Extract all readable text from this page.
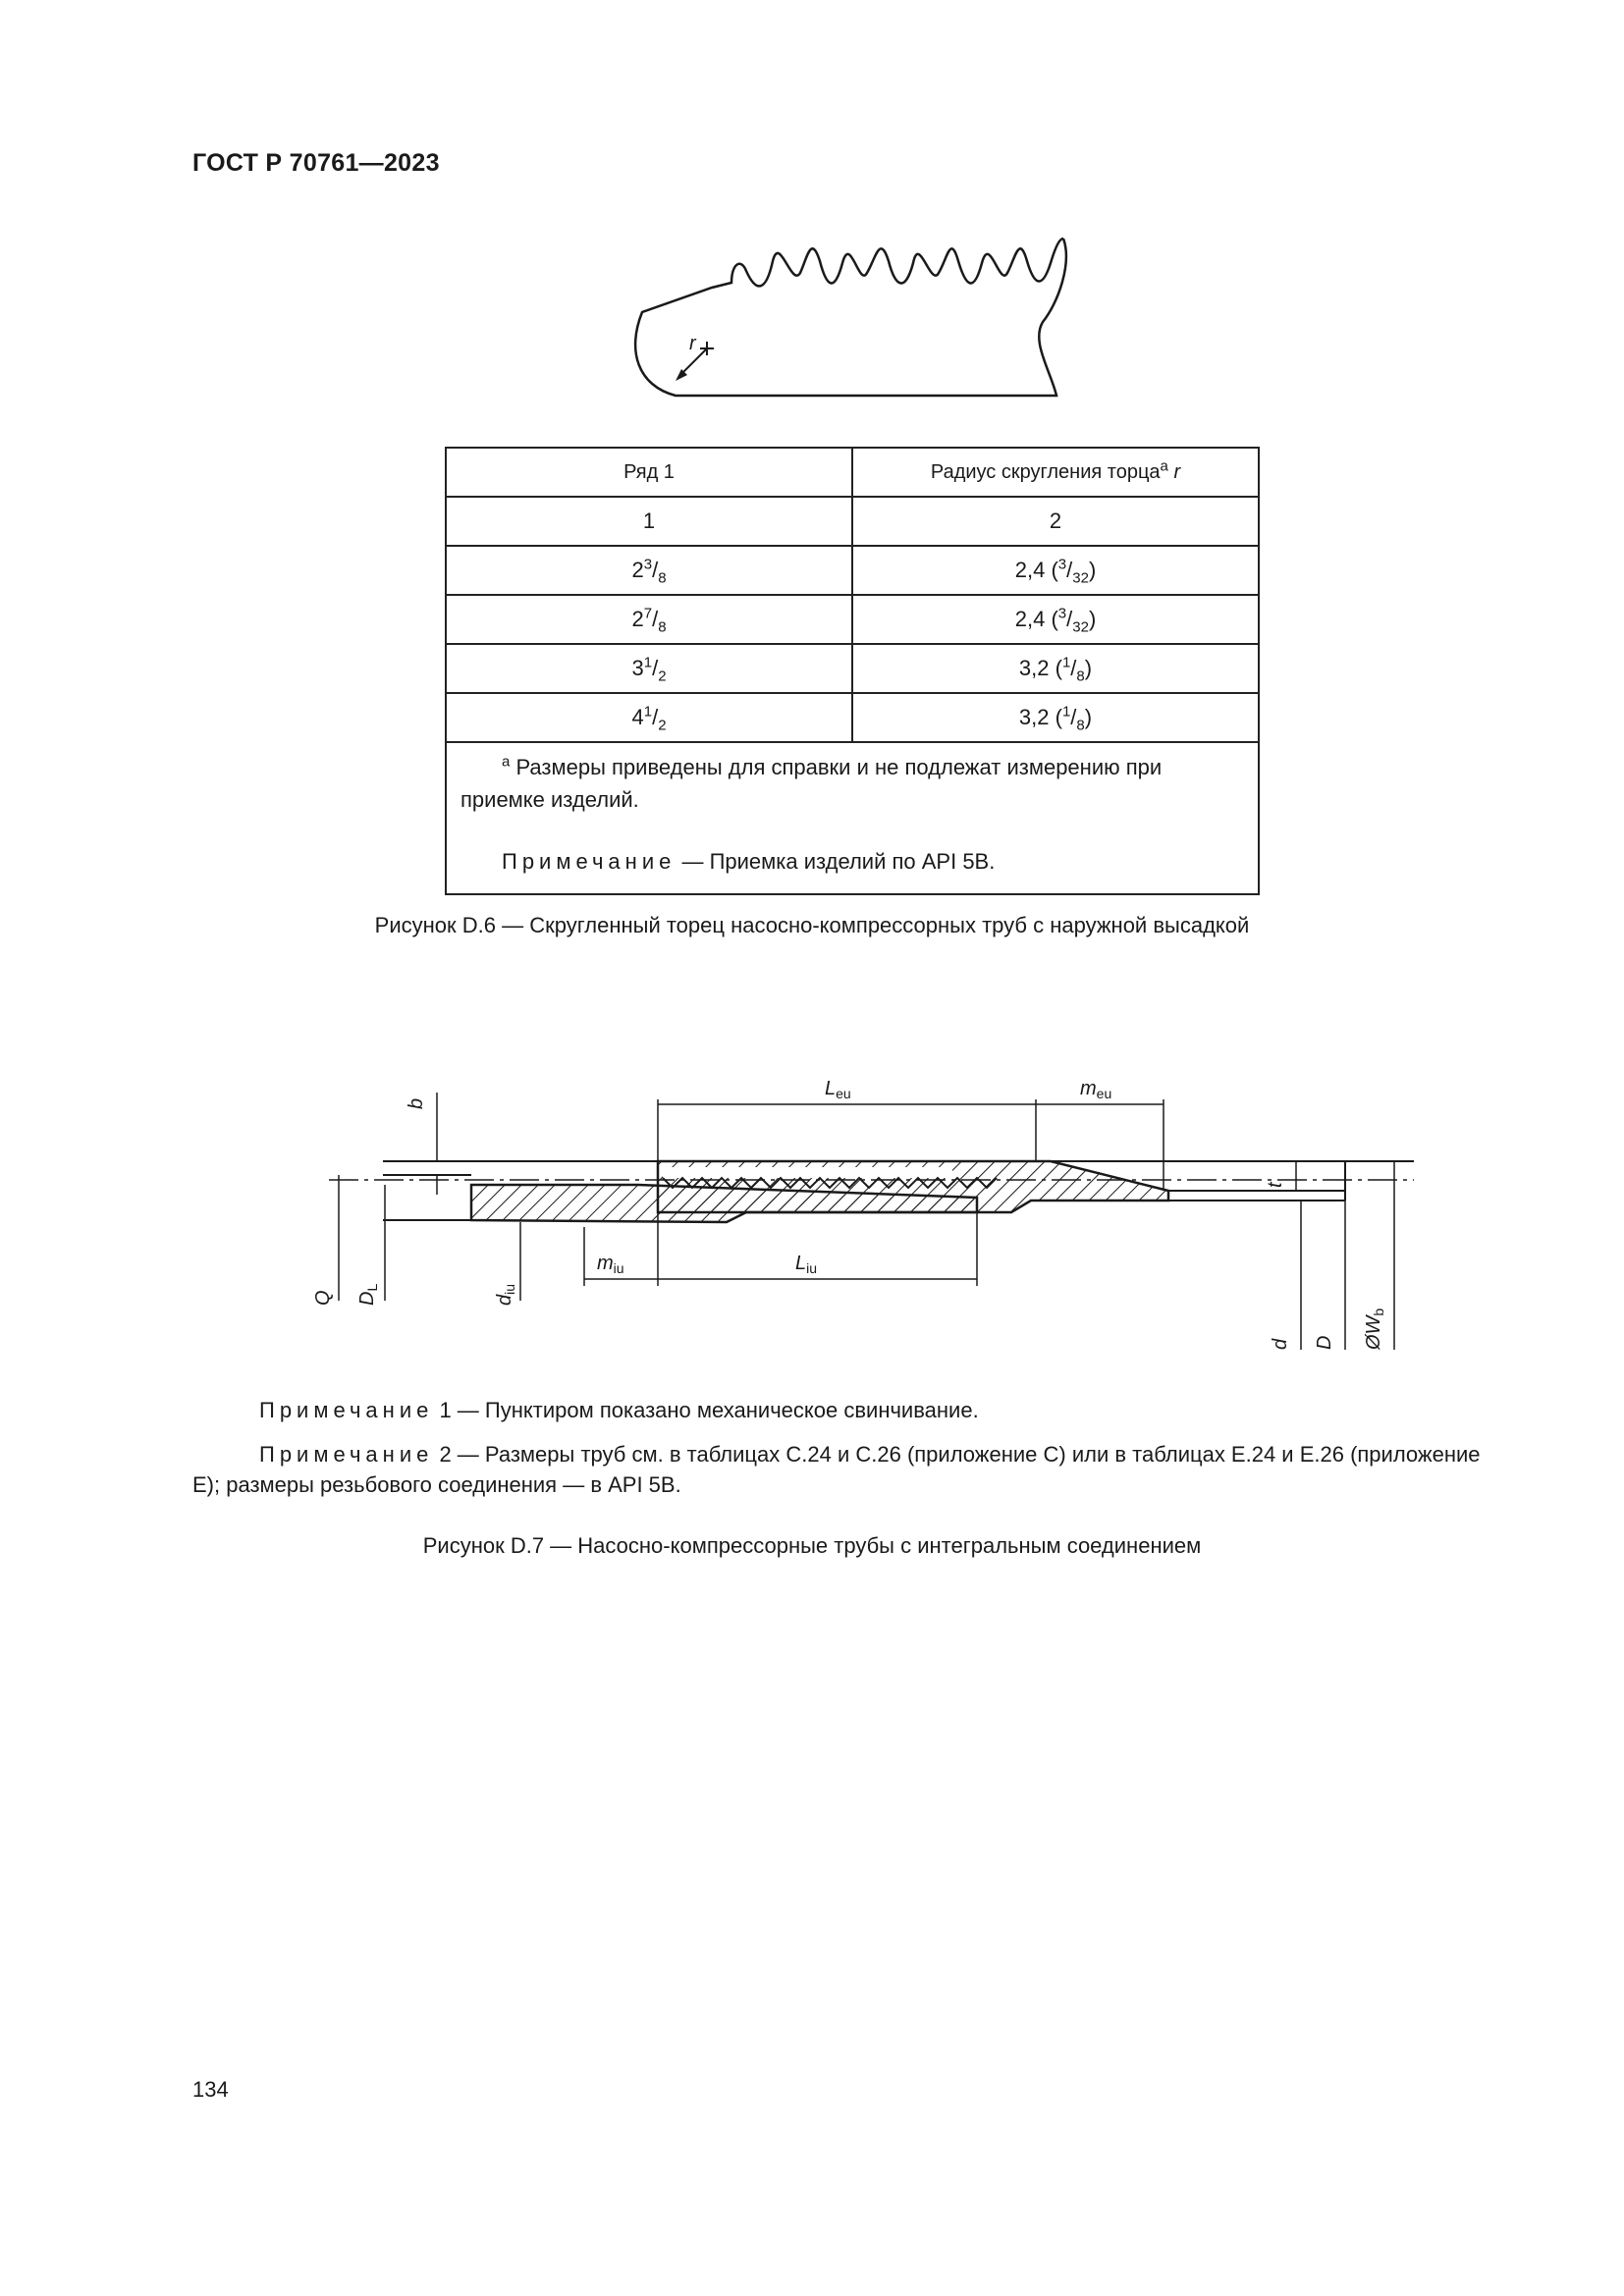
ГОСТ Р 70761—2023
r
Ряд 1	Радиус скругления торца$^a$ r
1	2
$2^3/_8$	2,4 $(^3/_{32})$
$2^7/_8$	2,4 $(^3/_{32})$
$3^1/_2$	3,2 $(^1/_8)$
$4^1/_2$	3,2 $(^1/_8)$

$^a$ Размеры приведены для справки и не подлежат измерению при приемке изделий.
Примечание — Приемка изделий по API 5B.	
Рисунок D.6 — Скругленный торец насосно-компрессорных труб с наружной высадкой
$L_{eu}$	$m_{eu}$
$m_{iu}$	$L_{iu}$
b
Q $D_L$
$d_{iu}$
t
d D $ØW_b$
Примечание 1 — Пунктиром показано механическое свинчивание.
Примечание 2 — Размеры труб см. в таблицах С.24 и С.26 (приложение С) или в таблицах Е.24 и Е.26 (приложение Е); размеры резьбового соединения — в API 5B.
Рисунок D.7 — Насосно-компрессорные трубы с интегральным соединением
134
